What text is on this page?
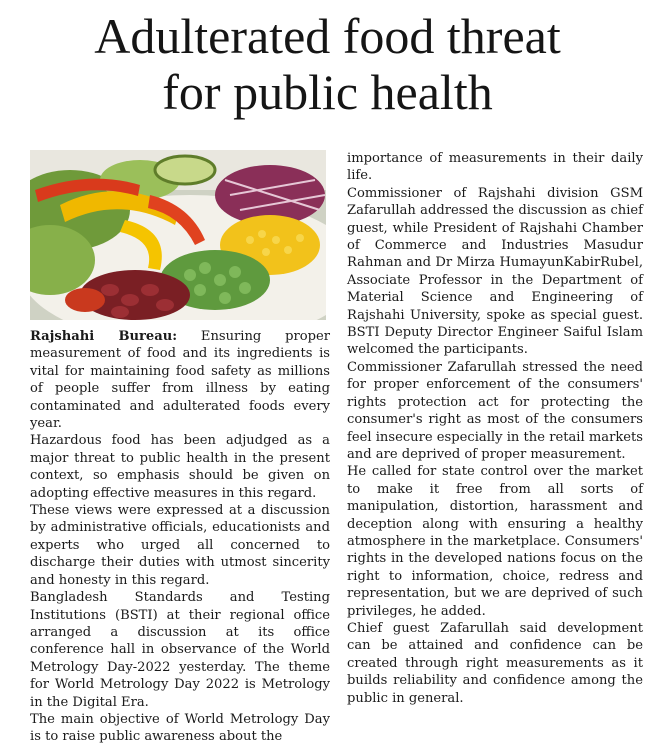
Adulterated food threat
for public health

Rajshahi Bureau: Ensuring proper measurement of food and its ingredients is vital for maintaining food safety as millions of people suffer from illness by eating contaminated and adulterated foods every year.

Hazardous food has been adjudged as a major threat to public health in the present context, so emphasis should be given on adopting effective measures in this regard.

These views were expressed at a discussion by administrative officials, educationists and experts who urged all concerned to discharge their duties with utmost sincerity and honesty in this regard.

Bangladesh Standards and Testing Institutions (BSTI) at their regional office arranged a discussion at its office conference hall in observance of the World Metrology Day-2022 yesterday. The theme for World Metrology Day 2022 is Metrology in the Digital Era.

The main objective of World Metrology Day is to raise public awareness about the

importance of measurements in their daily life.

Commissioner of Rajshahi division GSM Zafarullah addressed the discussion as chief guest, while President of Rajshahi Chamber of Commerce and Industries Masudur Rahman and Dr Mirza HumayunKabirRubel, Associate Professor in the Department of Material Science and Engineering of Rajshahi University, spoke as special guest. BSTI Deputy Director Engineer Saiful Islam welcomed the participants.

Commissioner Zafarullah stressed the need for proper enforcement of the consumers' rights protection act for protecting the consumer's right as most of the consumers feel insecure especially in the retail markets and are deprived of proper measurement.

He called for state control over the market to make it free from all sorts of manipulation, distortion, harassment and deception along with ensuring a healthy atmosphere in the marketplace. Consumers' rights in the developed nations focus on the right to information, choice, redress and representation, but we are deprived of such privileges, he added.

Chief guest Zafarullah said development can be attained and confidence can be created through right measurements as it builds reliability and confidence among the public in general.
